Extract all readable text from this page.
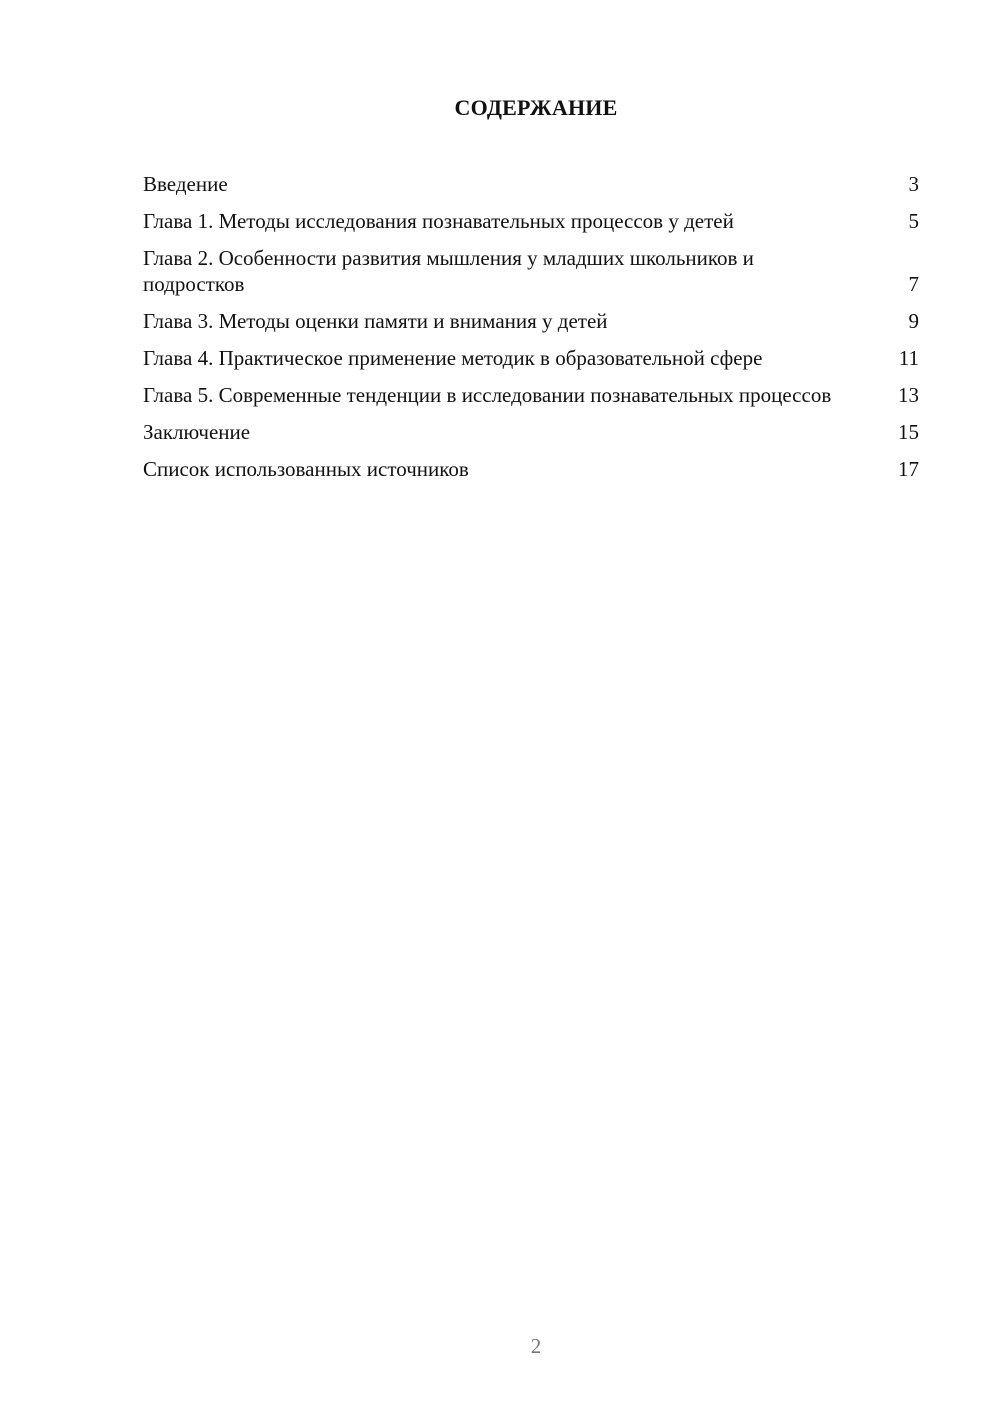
СОДЕРЖАНИЕ
Введение	3
Глава 1. Методы исследования познавательных процессов у детей	5
Глава 2. Особенности развития мышления у младших школьников и подростков	7
Глава 3. Методы оценки памяти и внимания у детей	9
Глава 4. Практическое применение методик в образовательной сфере	11
Глава 5. Современные тенденции в исследовании познавательных процессов	13
Заключение	15
Список использованных источников	17
2
